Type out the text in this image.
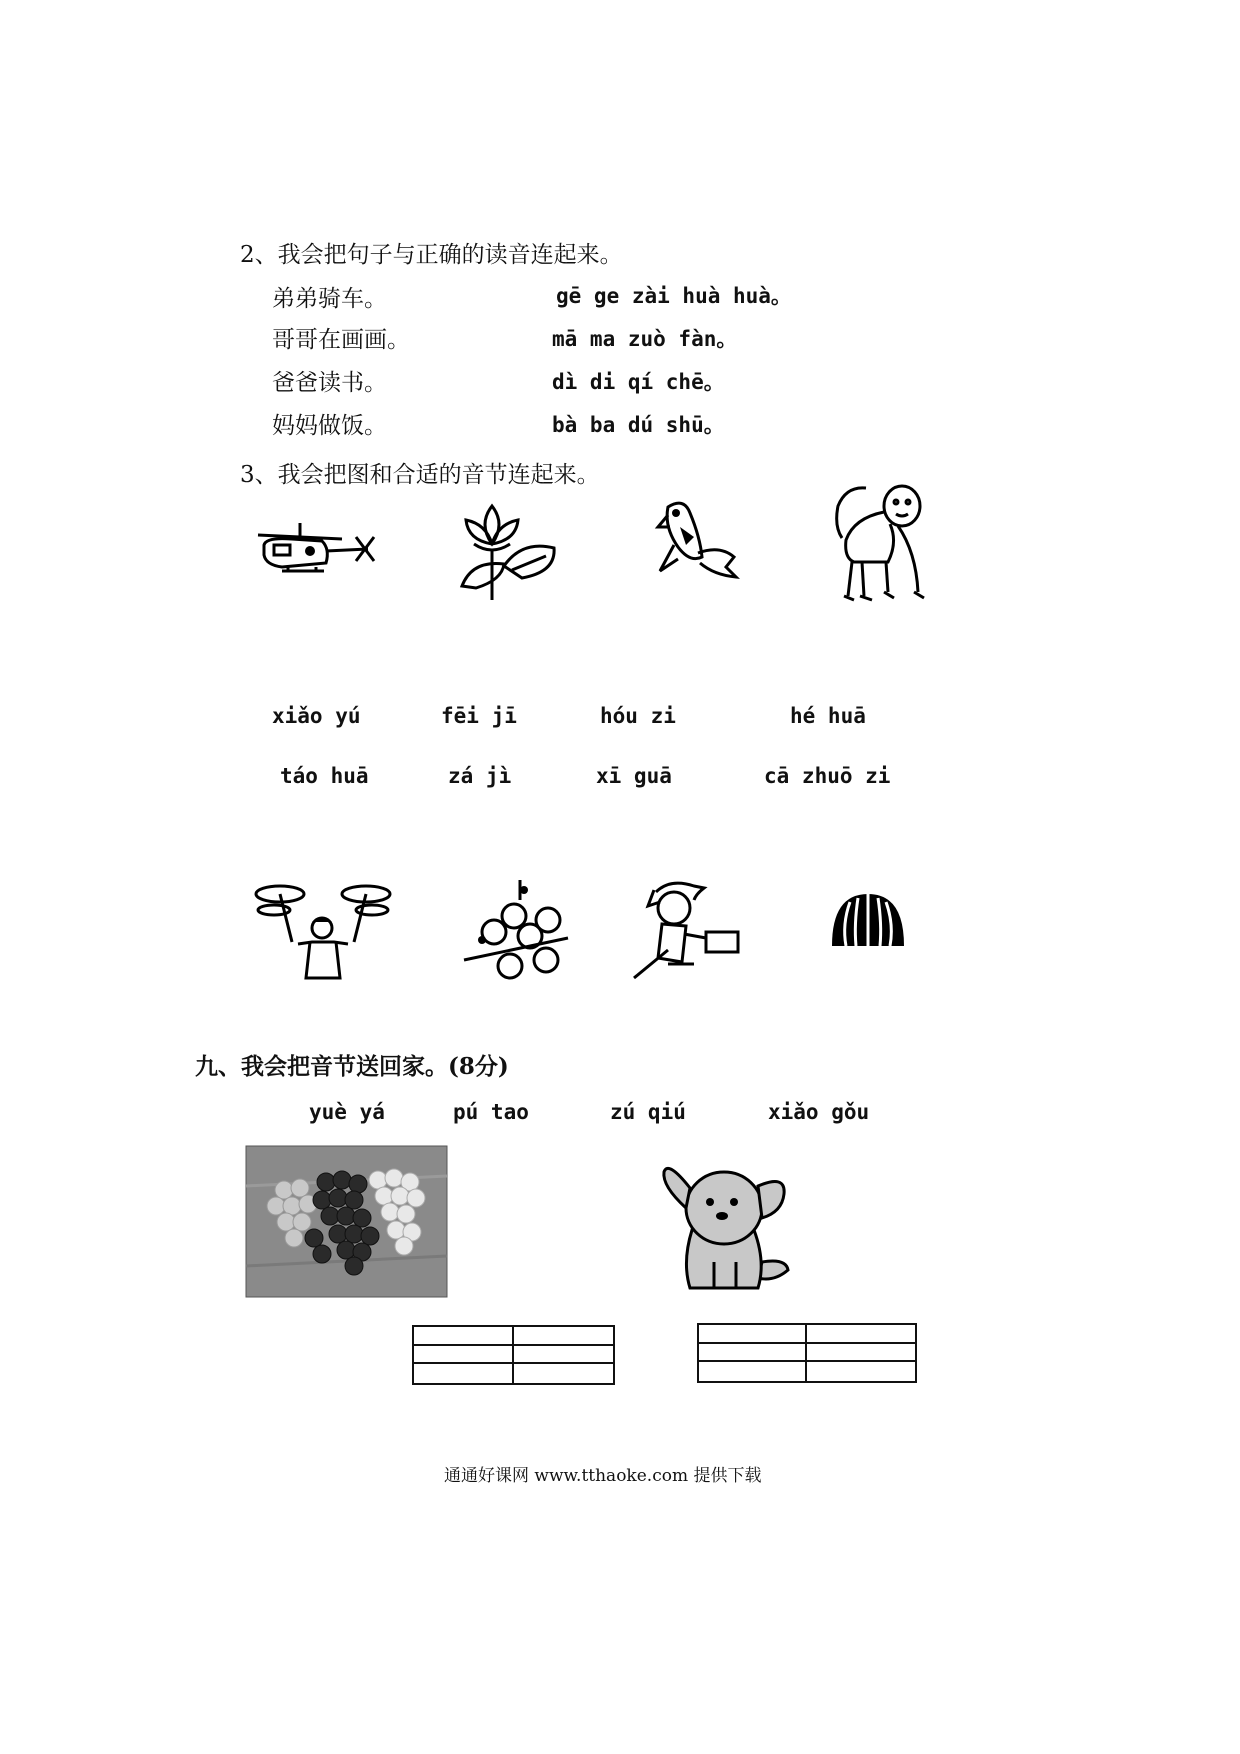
2、我会把句子与正确的读音连起来。
弟弟骑车。
哥哥在画画。
爸爸读书。
妈妈做饭。
gē ge zài huà huà。
mā ma zuò fàn。
dì di qí chē。
bà ba dú shū。
3、我会把图和合适的音节连起来。
xiǎo yú	fēi jī	hóu zi	hé huā
táo huā	zá jì	xī guā	cā zhuō zi
九、我会把音节送回家。(8分)
yuè yá	pú tao	zú qiú	xiǎo gǒu
通通好课网 www.tthaoke.com 提供下载
